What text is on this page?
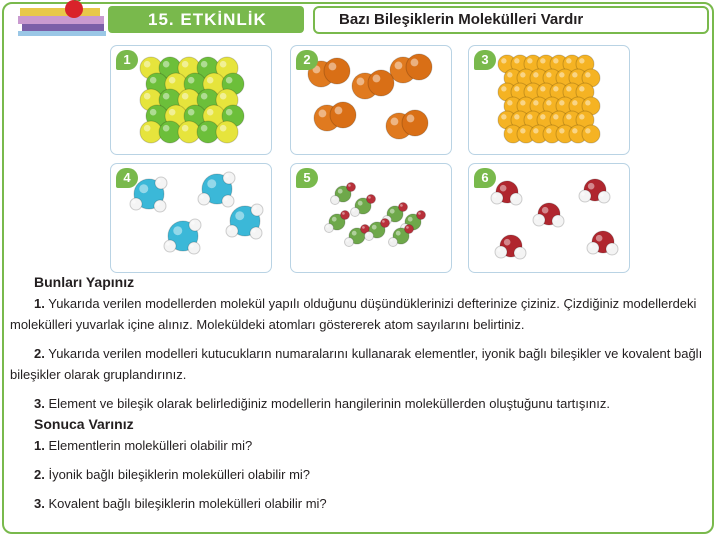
15. ETKİNLİK	Bazı Bileşiklerin Molekülleri Vardır
1	2	3
4	5	6
Bunları Yapınız

1. Yukarıda verilen modellerden molekül yapılı olduğunu düşündüklerinizi defterinize çiziniz. Çizdiğiniz modellerdeki molekülleri yuvarlak içine alınız. Moleküldeki atomları göstererek atom sayılarını belirtiniz.

2. Yukarıda verilen modelleri kutucukların numaralarını kullanarak elementler, iyonik bağlı bileşikler ve kovalent bağlı bileşikler olarak gruplandırınız.

3. Element ve bileşik olarak belirlediğiniz modellerin hangilerinin moleküllerden oluştuğunu tartışınız.

Sonuca Varınız
1. Elementlerin molekülleri olabilir mi?
2. İyonik bağlı bileşiklerin molekülleri olabilir mi?
3. Kovalent bağlı bileşiklerin molekülleri olabilir mi?
